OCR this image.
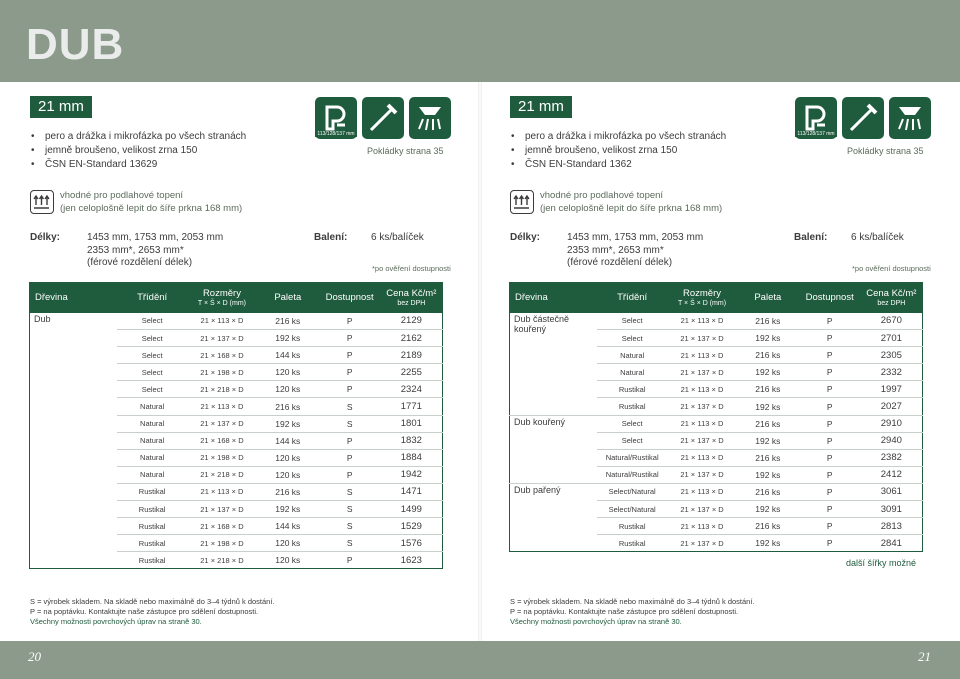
DUB
21 mm
• pero a drážka i mikrofázka po všech stranách
• jemně broušeno, velikost zrna 150
• ČSN EN-Standard 13629
113/128/137 mm
Pokládky strana 35
vhodné pro podlahové topení
(jen celoplošně lepit do šíře prkna 168 mm)
Délky:	1453 mm, 1753 mm, 2053 mm
2353 mm*, 2653 mm*
(férové rozdělení délek)
Balení: 6 ks/balíček
*po ověření dostupnosti
Dřevina	Třídění	Rozměry
T × Š × D (mm)	Paleta	Dostupnost	Cena Kč/m²
bez DPH

Dub	Select	21 × 113 × D	216 ks	P	2129
	Select	21 × 137 × D	192 ks	P	2162
	Select	21 × 168 × D	144 ks	P	2189
	Select	21 × 198 × D	120 ks	P	2255
	Select	21 × 218 × D	120 ks	P	2324
	Natural	21 × 113 × D	216 ks	S	1771
	Natural	21 × 137 × D	192 ks	S	1801
	Natural	21 × 168 × D	144 ks	P	1832
	Natural	21 × 198 × D	120 ks	P	1884
	Natural	21 × 218 × D	120 ks	P	1942
	Rustikal	21 × 113 × D	216 ks	S	1471
	Rustikal	21 × 137 × D	192 ks	S	1499
	Rustikal	21 × 168 × D	144 ks	S	1529
	Rustikal	21 × 198 × D	120 ks	S	1576
	Rustikal	21 × 218 × D	120 ks	P	1623
S = výrobek skladem. Na skladě nebo maximálně do 3–4 týdnů k dostání.
P = na poptávku. Kontaktujte naše zástupce pro sdělení dostupnosti.
Všechny možnosti povrchových úprav na straně 30.
21 mm
• pero a drážka i mikrofázka po všech stranách
• jemně broušeno, velikost zrna 150
• ČSN EN-Standard 1362
113/128/137 mm
Pokládky strana 35
vhodné pro podlahové topení
(jen celoplošně lepit do šíře prkna 168 mm)
Délky:	1453 mm, 1753 mm, 2053 mm
2353 mm*, 2653 mm*
(férové rozdělení délek)
Balení: 6 ks/balíček
*po ověření dostupnosti
Dřevina	Třídění	Rozměry
T × Š × D (mm)	Paleta	Dostupnost	Cena Kč/m²
bez DPH

Dub částečně kouřený	Select	21 × 113 × D	216 ks	P	2670
	Select	21 × 137 × D	192 ks	P	2701
	Natural	21 × 113 × D	216 ks	P	2305
	Natural	21 × 137 × D	192 ks	P	2332
	Rustikal	21 × 113 × D	216 ks	P	1997
	Rustikal	21 × 137 × D	192 ks	P	2027
Dub kouřený	Select	21 × 113 × D	216 ks	P	2910
	Select	21 × 137 × D	192 ks	P	2940
	Natural/Rustikal	21 × 113 × D	216 ks	P	2382
	Natural/Rustikal	21 × 137 × D	192 ks	P	2412
Dub pařený	Select/Natural	21 × 113 × D	216 ks	P	3061
	Select/Natural	21 × 137 × D	192 ks	P	3091
	Rustikal	21 × 113 × D	216 ks	P	2813
	Rustikal	21 × 137 × D	192 ks	P	2841
další šířky možné
S = výrobek skladem. Na skladě nebo maximálně do 3–4 týdnů k dostání.
P = na poptávku. Kontaktujte naše zástupce pro sdělení dostupnosti.
Všechny možnosti povrchových úprav na straně 30.
20	21
